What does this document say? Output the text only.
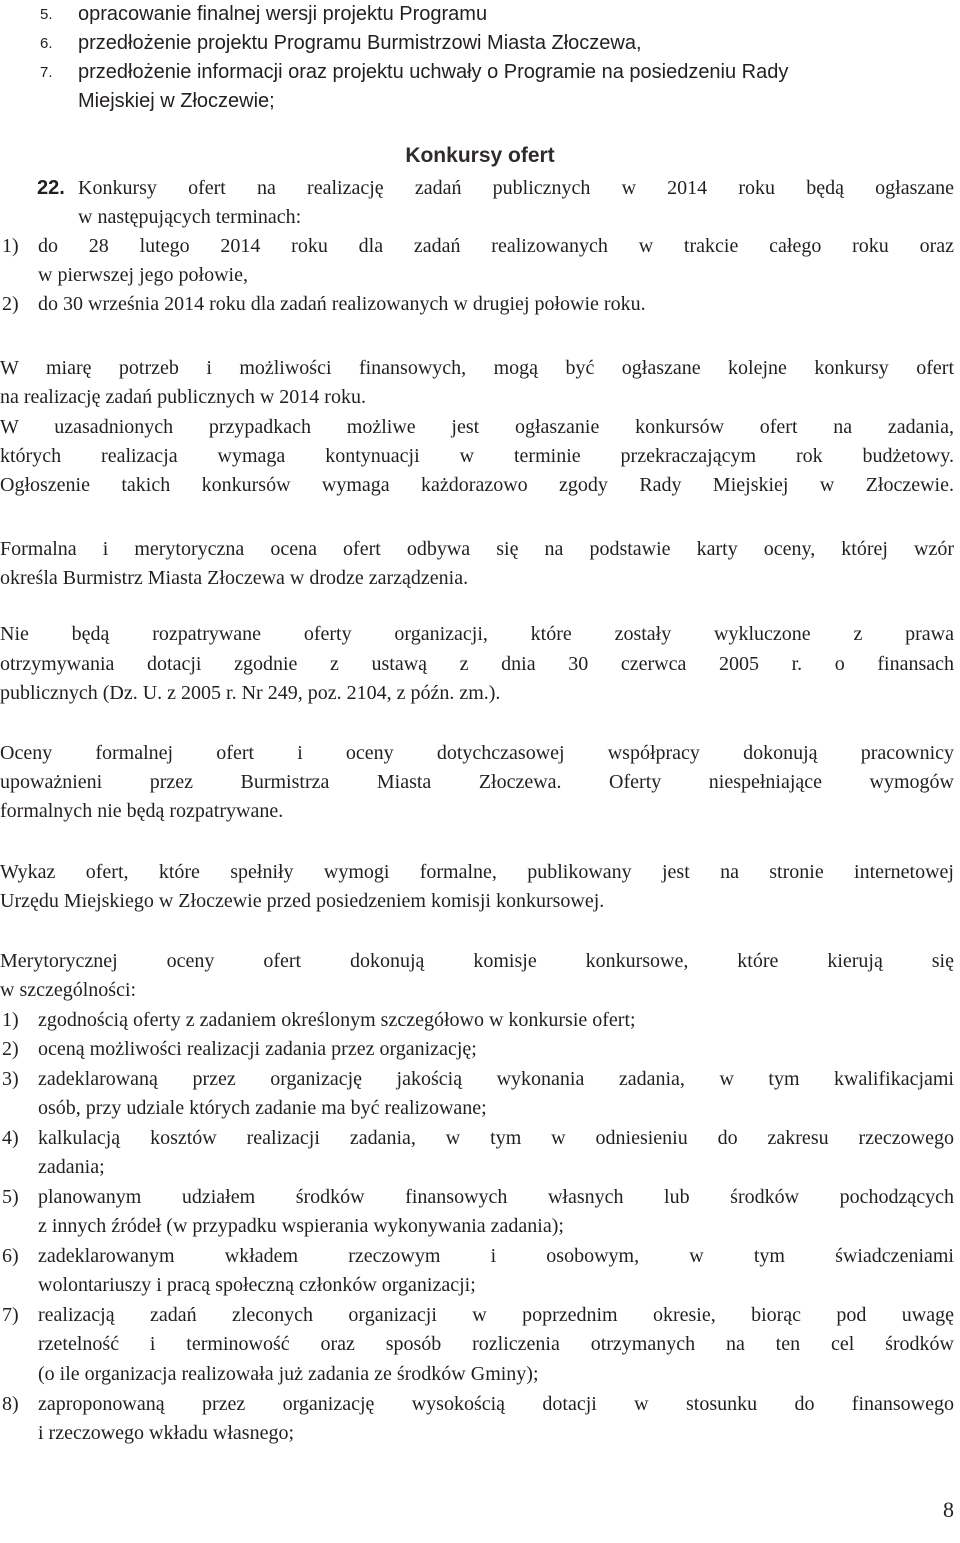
5. opracowanie finalnej wersji projektu Programu
6. przedłożenie projektu Programu Burmistrzowi Miasta Złoczewa,
7. przedłożenie informacji oraz projektu uchwały o Programie na posiedzeniu Rady
Miejskiej w Złoczewie;
Konkursy ofert
22. Konkursy ofert na realizację zadań publicznych w 2014 roku będą ogłaszane
w następujących terminach:
1) do 28 lutego 2014 roku dla zadań realizowanych w trakcie całego roku oraz
w pierwszej jego połowie,
2) do 30 września 2014 roku dla zadań realizowanych w drugiej połowie roku.
W miarę potrzeb i możliwości finansowych, mogą być ogłaszane kolejne konkursy ofert
na realizację zadań publicznych w 2014 roku.
W uzasadnionych przypadkach możliwe jest ogłaszanie konkursów ofert na zadania,
których realizacja wymaga kontynuacji w terminie przekraczającym rok budżetowy.
Ogłoszenie takich konkursów wymaga każdorazowo zgody Rady Miejskiej w Złoczewie.
Formalna i merytoryczna ocena ofert odbywa się na podstawie karty oceny, której wzór
określa Burmistrz Miasta Złoczewa w drodze zarządzenia.
Nie będą rozpatrywane oferty organizacji, które zostały wykluczone z prawa
otrzymywania dotacji zgodnie z ustawą z dnia 30 czerwca 2005 r. o finansach
publicznych (Dz. U. z 2005 r. Nr 249, poz. 2104, z późn. zm.).
Oceny formalnej ofert i oceny dotychczasowej współpracy dokonują pracownicy
upoważnieni przez Burmistrza Miasta Złoczewa. Oferty niespełniające wymogów
formalnych nie będą rozpatrywane.
Wykaz ofert, które spełniły wymogi formalne, publikowany jest na stronie internetowej
Urzędu Miejskiego w Złoczewie przed posiedzeniem komisji konkursowej.
Merytorycznej oceny ofert dokonują komisje konkursowe, które kierują się
w szczególności:
1) zgodnością oferty z zadaniem określonym szczegółowo w konkursie ofert;
2) oceną możliwości realizacji zadania przez organizację;
3) zadeklarowaną przez organizację jakością wykonania zadania, w tym kwalifikacjami
osób, przy udziale których zadanie ma być realizowane;
4) kalkulacją kosztów realizacji zadania, w tym w odniesieniu do zakresu rzeczowego
zadania;
5) planowanym udziałem środków finansowych własnych lub środków pochodzących
z innych źródeł (w przypadku wspierania wykonywania zadania);
6) zadeklarowanym wkładem rzeczowym i osobowym, w tym świadczeniami
wolontariuszy i pracą społeczną członków organizacji;
7) realizacją zadań zleconych organizacji w poprzednim okresie, biorąc pod uwagę
rzetelność i terminowość oraz sposób rozliczenia otrzymanych na ten cel środków
(o ile organizacja realizowała już zadania ze środków Gminy);
8) zaproponowaną przez organizację wysokością dotacji w stosunku do finansowego
i rzeczowego wkładu własnego;
8
